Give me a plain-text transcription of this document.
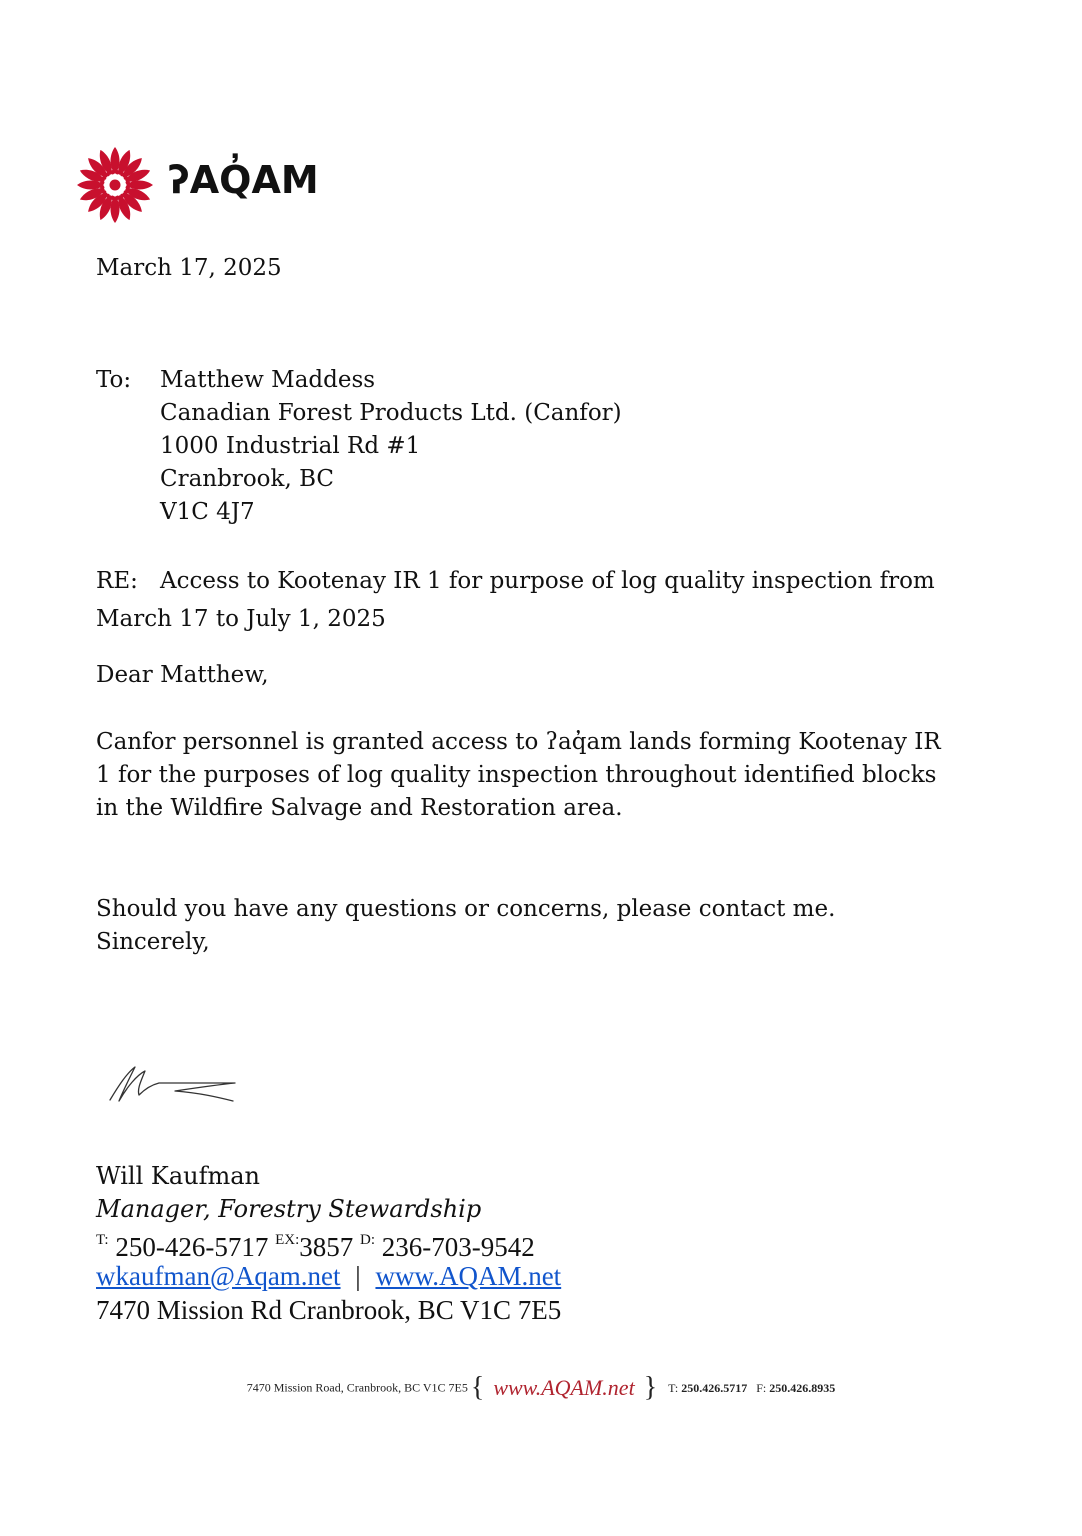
ʔAQ̓AM
March 17, 2025
To: Matthew Maddess
Canadian Forest Products Ltd. (Canfor)
1000 Industrial Rd #1
Cranbrook, BC
V1C 4J7
RE: Access to Kootenay IR 1 for purpose of log quality inspection from
March 17 to July 1, 2025
Dear Matthew,
Canfor personnel is granted access to ʔaq̓am lands forming Kootenay IR
1 for the purposes of log quality inspection throughout identified blocks
in the Wildfire Salvage and Restoration area.
Should you have any questions or concerns, please contact me.
Sincerely,
Will Kaufman
Manager, Forestry Stewardship
$^{T:}$ 250-426-5717 $^{EX:}$3857 $^{D:}$ 236-703-9542
wkaufman@Aqam.net | www.AQAM.net
7470 Mission Rd Cranbrook, BC V1C 7E5
7470 Mission Road, Cranbrook, BC V1C 7E5 { www.AQAM.net } T: 250.426.5717 F: 250.426.8935
